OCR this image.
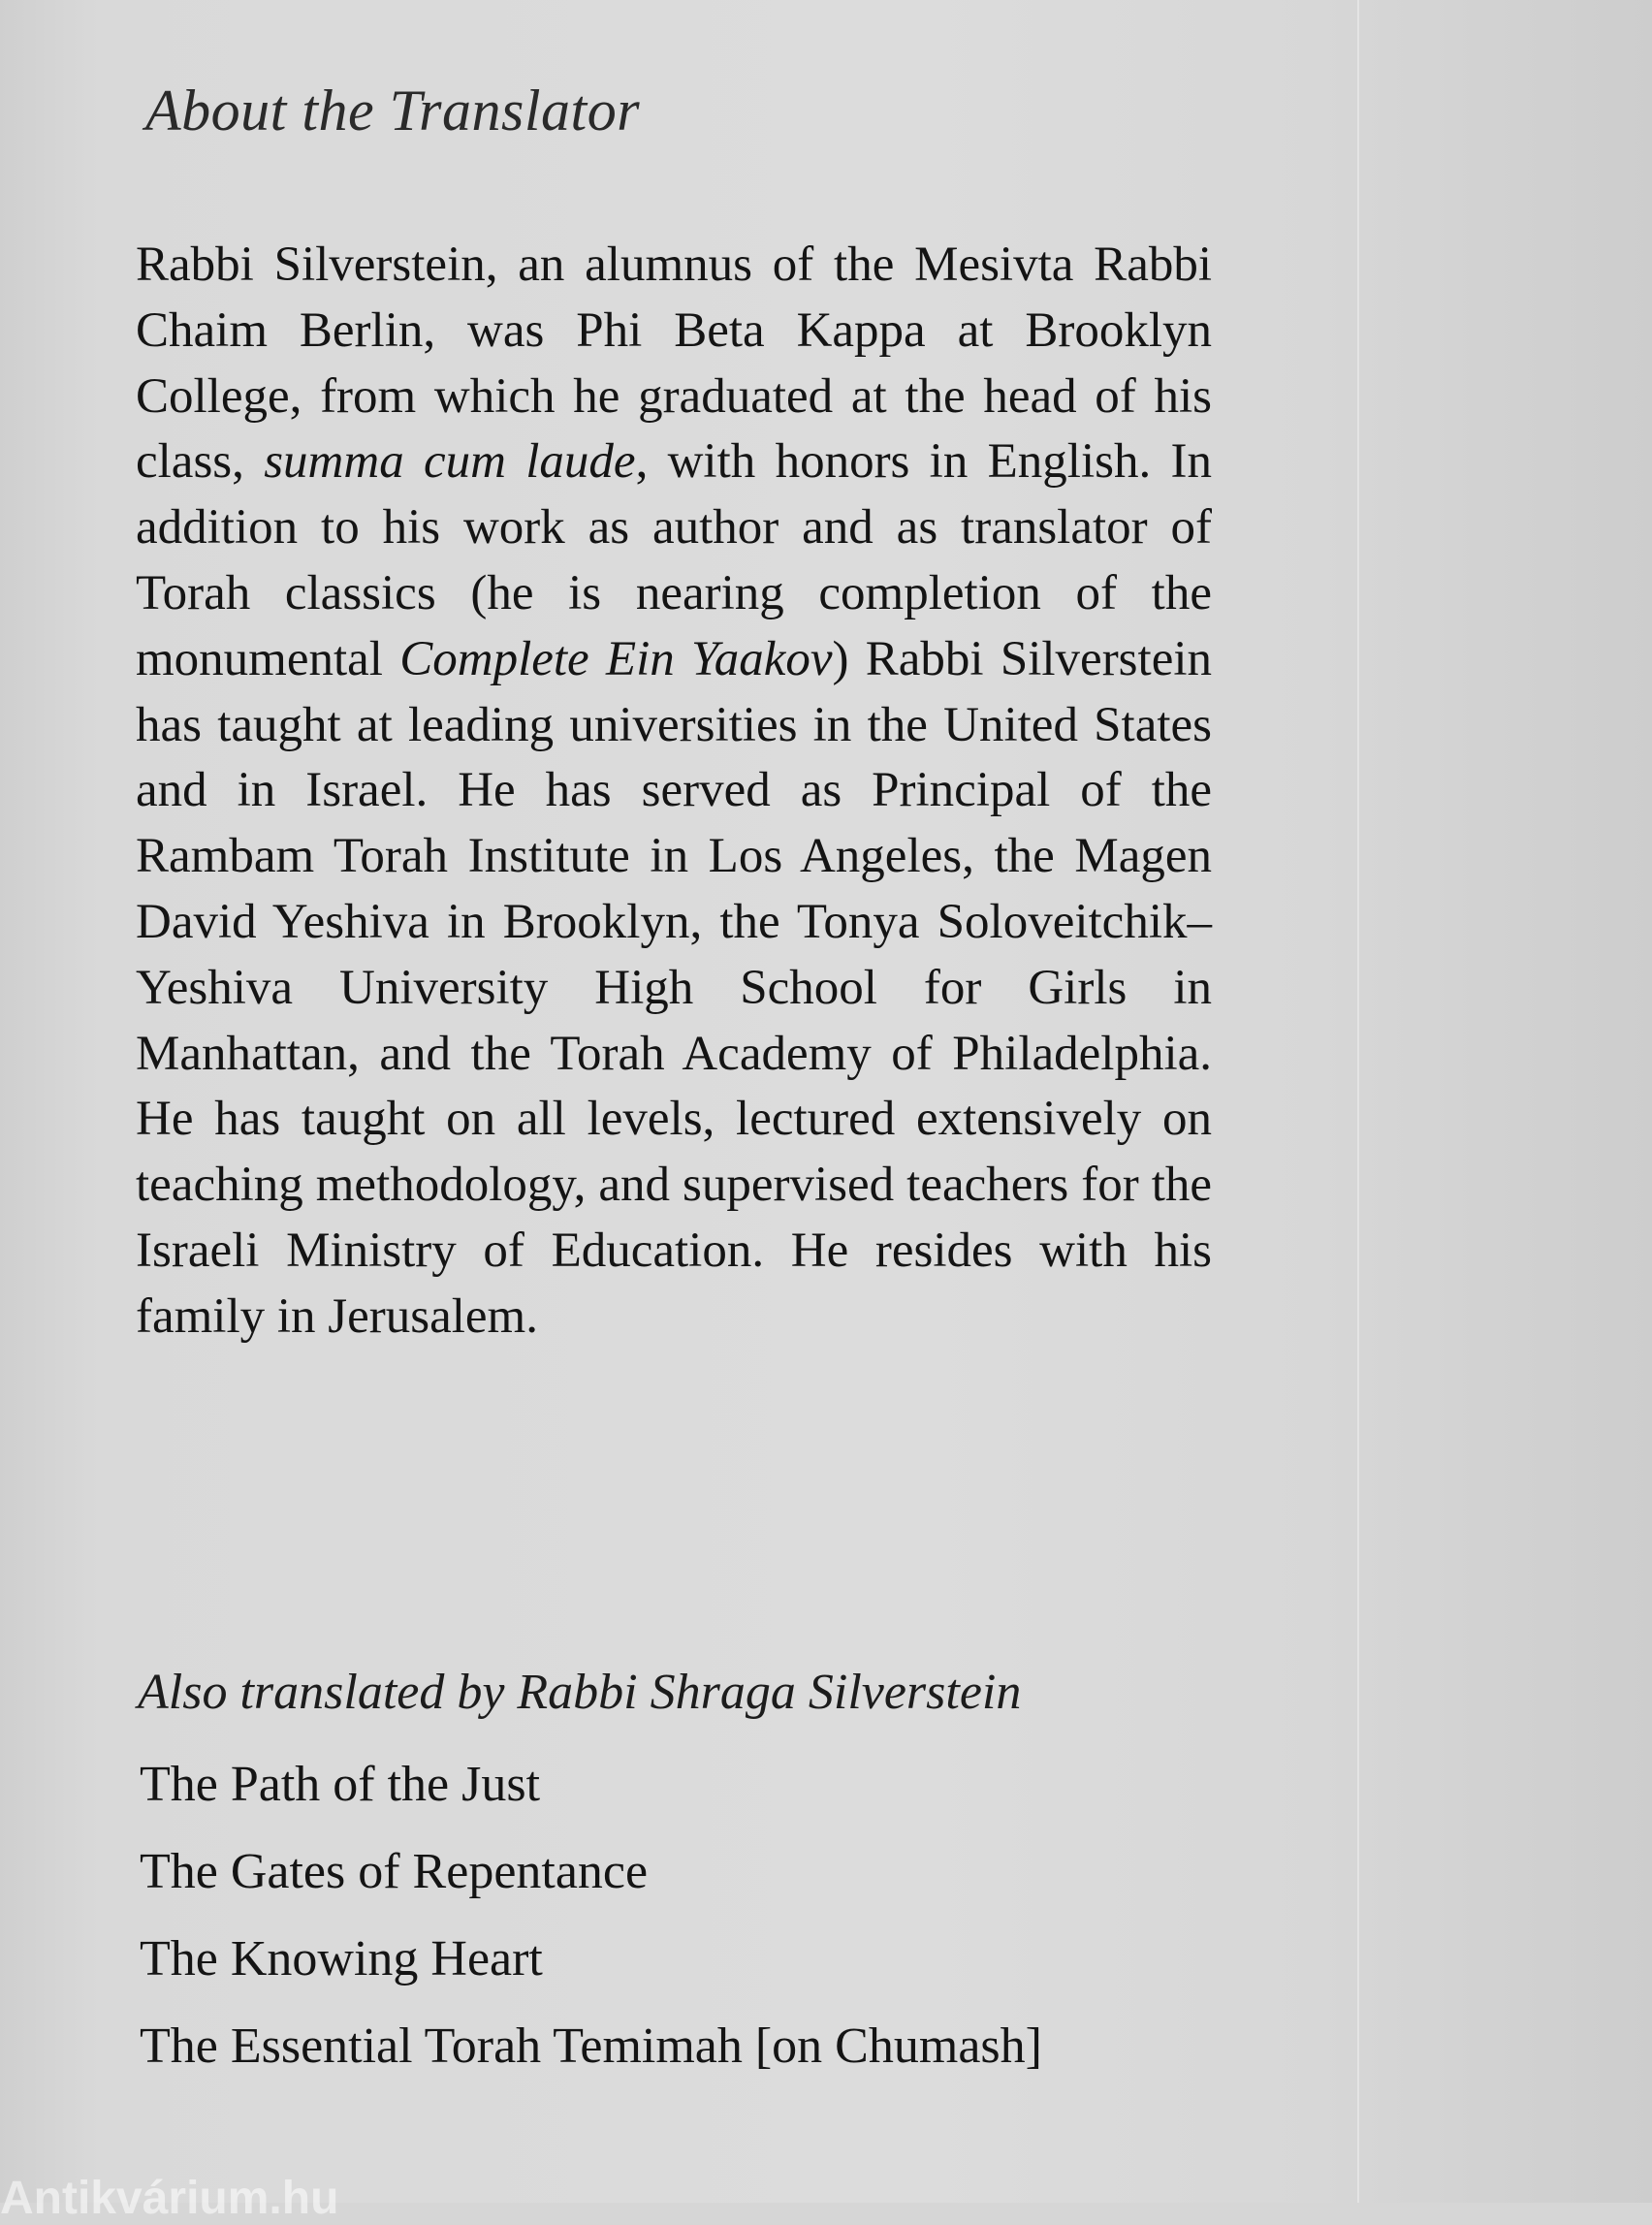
About the Translator

Rabbi Silverstein, an alumnus of the Mesivta Rabbi Chaim Berlin, was Phi Beta Kappa at Brooklyn College, from which he graduated at the head of his class, summa cum laude, with honors in English. In addition to his work as author and as translator of Torah classics (he is nearing completion of the monumental Complete Ein Yaakov) Rabbi Silverstein has taught at leading universities in the United States and in Israel. He has served as Principal of the Rambam Torah Institute in Los Angeles, the Magen David Yeshiva in Brooklyn, the Tonya Soloveitchik–Yeshiva University High School for Girls in Manhattan, and the Torah Academy of Philadelphia. He has taught on all levels, lectured extensively on teaching methodology, and supervised teachers for the Israeli Ministry of Education. He resides with his family in Jerusalem.

Also translated by Rabbi Shraga Silverstein
The Path of the Just
The Gates of Repentance
The Knowing Heart
The Essential Torah Temimah [on Chumash]
Antikvárium.hu
